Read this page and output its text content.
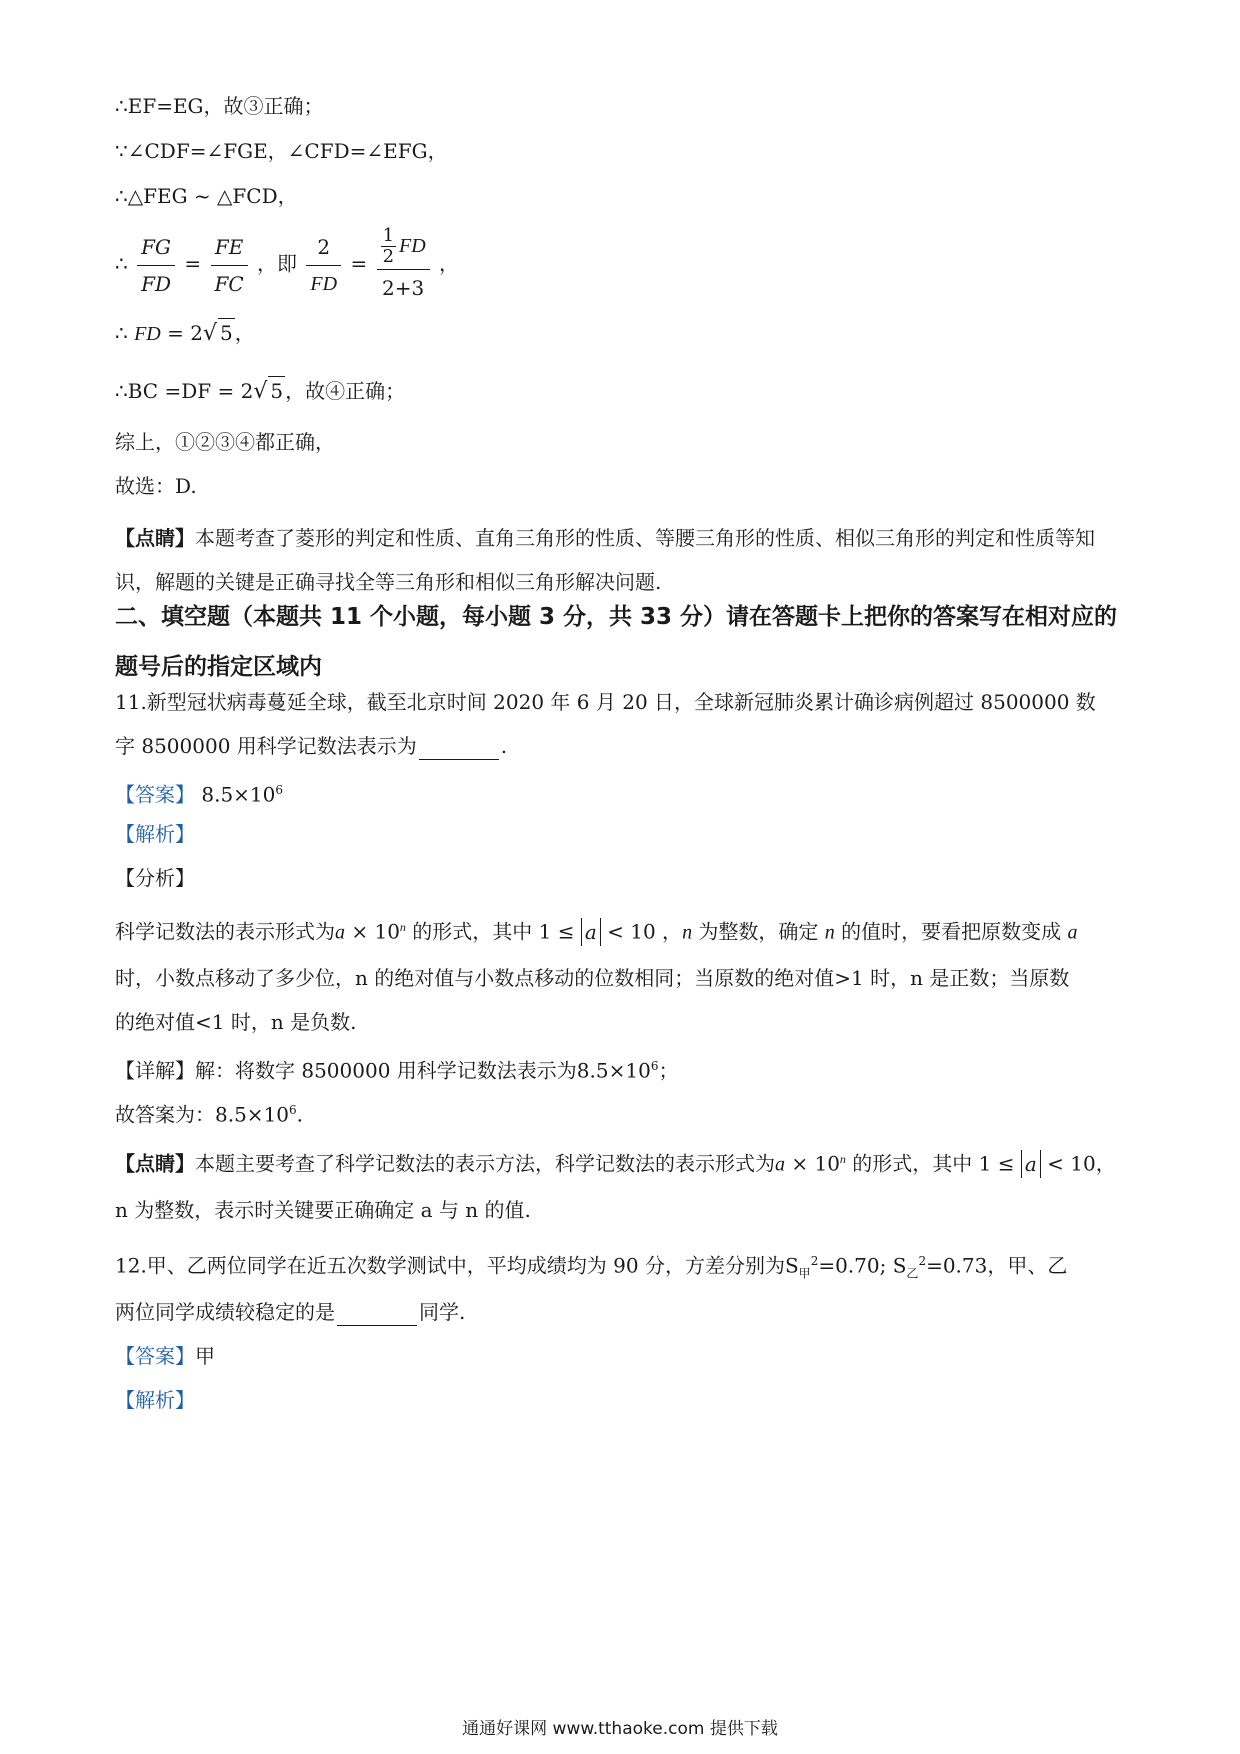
∴EF=EG，故③正确；
∵∠CDF=∠FGE，∠CFD=∠EFG，
∴△FEG ~ △FCD，
∴ $\frac{FG}{FD} = \frac{FE}{FC}$ ，即 $\frac{2}{FD} = \frac{\frac{1}{2} FD}{2+3}$ ，
∴ FD = 2√ 5 ，
∴BC =DF = 2√ 5 ，故④正确；
综上，①②③④都正确，
故选：D.
【点睛】本题考查了菱形的判定和性质、直角三角形的性质、等腰三角形的性质、相似三角形的判定和性质等知识，解题的关键是正确寻找全等三角形和相似三角形解决问题.
二、填空题（本题共 11 个小题，每小题 3 分，共 33 分）请在答题卡上把你的答案写在相对应的题号后的指定区域内
11.新型冠状病毒蔓延全球，截至北京时间 2020 年 6 月 20 日，全球新冠肺炎累计确诊病例超过 8500000 数
字 8500000 用科学记数法表示为	.
【答案】 $8.5\times 10^6$
【解析】
【分析】
科学记数法的表示形式为$a \times 10^n$ 的形式，其中 1 ≤ a < 10 ，n 为整数，确定 n 的值时，要看把原数变成 a
时，小数点移动了多少位，n 的绝对值与小数点移动的位数相同；当原数的绝对值>1 时，n 是正数；当原数
的绝对值<1 时，n 是负数.
【详解】解：将数字 8500000 用科学记数法表示为$8.5\times 10^6$；
故答案为：$8.5\times 10^6$.
【点睛】本题主要考查了科学记数法的表示方法，科学记数法的表示形式为$a \times 10^n$ 的形式，其中 1 ≤ a < 10，
n 为整数，表示时关键要正确确定 a 与 n 的值.
12.甲、乙两位同学在近五次数学测试中，平均成绩均为 90 分，方差分别为$S_甲^2=0.70$; $S_乙^2=0.73$，甲、乙
两位同学成绩较稳定的是	同学.
【答案】甲
【解析】
通通好课网 www.tthaoke.com 提供下载
